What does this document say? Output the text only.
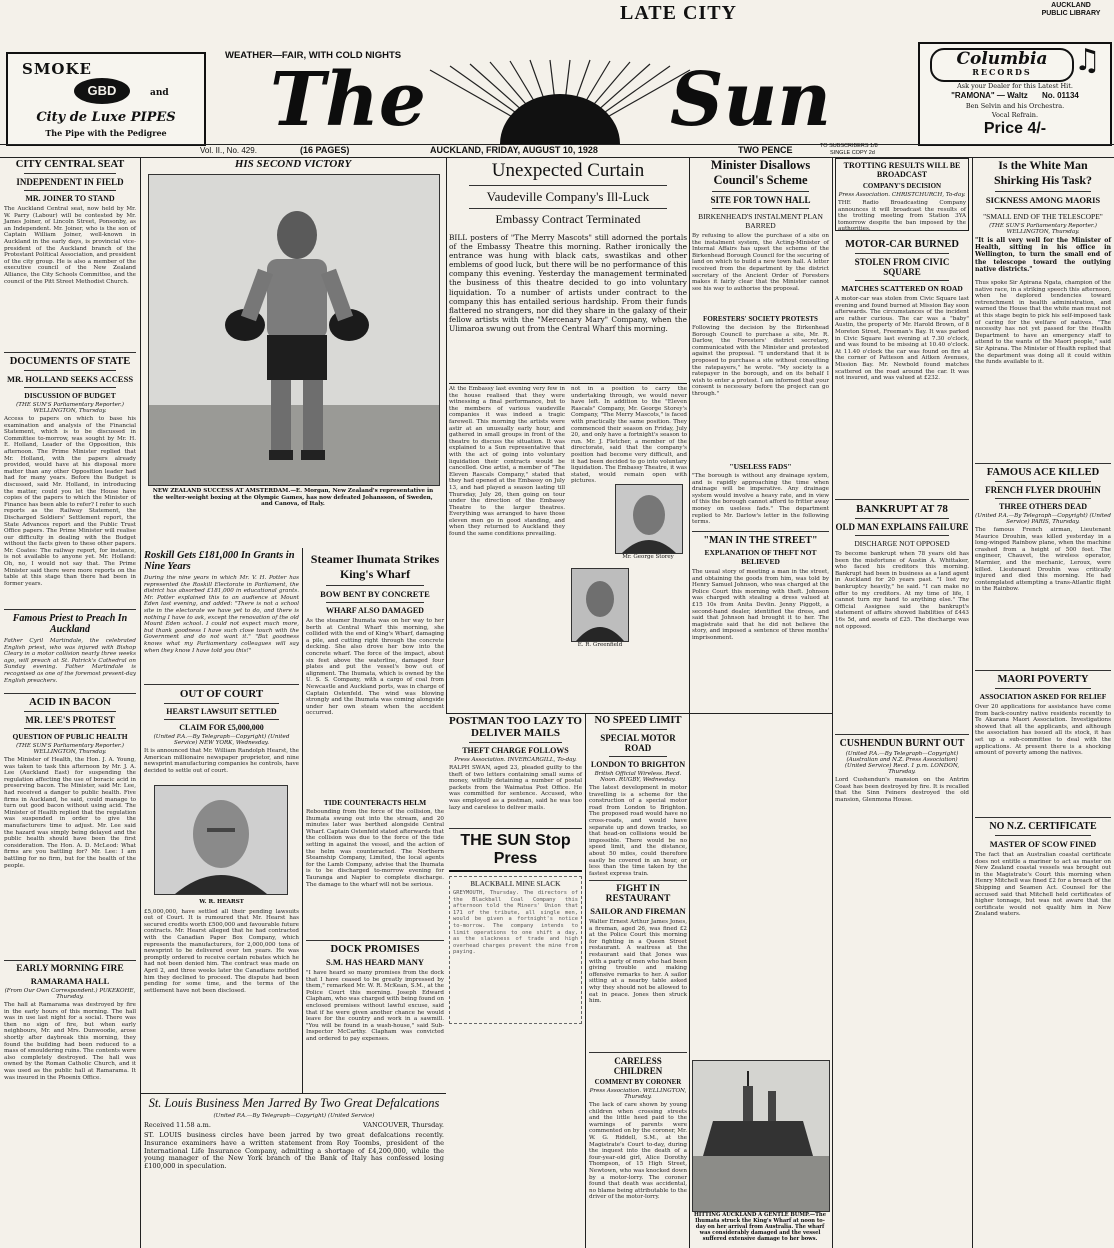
AUCKLAND
PUBLIC LIBRARY
LATE CITY
WEATHER—FAIR, WITH COLD NIGHTS
SMOKE
GBD	and
City de Luxe PIPES
The Pipe with the Pedigree
Columbia
RECORDS	♫
Ask your Dealer for this Latest Hit.
"RAMONA" — Waltz No. 01134
Ben Selvin and his Orchestra.
Vocal Refrain.
Price 4/-
The	Sun
Vol. II., No. 429.	(16 PAGES)	AUCKLAND, FRIDAY, AUGUST 10, 1928	TWO PENCE	TO SUBSCRIBERS 1/8
SINGLE COPY 2d
CITY CENTRAL SEAT
INDEPENDENT IN FIELD
MR. JOINER TO STAND
The Auckland Central seat, now held by Mr. W. Parry (Labour) will be contested by Mr. James Joiner, of Lincoln Street, Ponsonby, as an Independent. Mr. Joiner, who is the son of Captain William Joiner, well-known in Auckland in the early days, is provincial vice-president of the Auckland branch of the Protestant Political Association, and president of the city group. He is also a member of the executive council of the New Zealand Alliance, the City Schools Committee, and the council of the Pitt Street Methodist Church.
DOCUMENTS OF STATE
MR. HOLLAND SEEKS ACCESS
DISCUSSION OF BUDGET
(THE SUN'S Parliamentary Reporter.) WELLINGTON, Thursday.
Access to papers on which to base his examination and analysis of the Financial Statement, which is to be discussed in Committee to-morrow, was sought by Mr. H. E. Holland, Leader of the Opposition, this afternoon. The Prime Minister replied that Mr. Holland, with the papers already provided, would have at his disposal more matter than any other Opposition leader had had for many years. Before the Budget is discussed, said Mr. Holland, in introducing the matter, could you let the House have copies of the papers to which the Minister of Finance has been able to refer? I refer to such reports as the Railway Statement, the Discharged Soldiers' Settlement report, the State Advances report and the Public Trust Office papers. The Prime Minister will realise our difficulty in dealing with the Budget without the facts given to these other papers. Mr. Coates: The railway report, for instance, is not available to anyone yet. Mr. Holland: Oh, no, I would not say that. The Prime Minister said there were more reports on the table at this stage than there had been in former years.
Famous Priest to Preach In Auckland
Father Cyril Martindale, the celebrated English priest, who was injured with Bishop Cleary in a motor collision nearly three weeks ago, will preach at St. Patrick's Cathedral on Sunday evening. Father Martindale is recognised as one of the foremost present-day English preachers.
ACID IN BACON
MR. LEE'S PROTEST
QUESTION OF PUBLIC HEALTH
(THE SUN'S Parliamentary Reporter.) WELLINGTON, Thursday.
The Minister of Health, the Hon. J. A. Young, was taken to task this afternoon by Mr. J. A. Lee (Auckland East) for suspending the regulation affecting the use of boracic acid in preserving bacon. The Minister, said Mr. Lee, had received a danger to public health. Five firms in Auckland, he said, could manage to turn out good bacon without using acid. The Minister of Health replied that the regulation was suspended in order to give the manufacturers time to adjust. Mr. Lee said the hazard was simply being delayed and the public health should have been the first consideration. The Hon. A. D. McLeod: What firms are you battling for? Mr. Lee: I am battling for no firm, but for the health of the people.
EARLY MORNING FIRE
RAMARAMA HALL
(From Our Own Correspondent.) PUKEKOHE, Thursday.
The hall at Ramarama was destroyed by fire in the early hours of this morning. The hall was in use last night for a social. There was then no sign of fire, but when early neighbours, Mr. and Mrs. Dunwoodie, arose shortly after daybreak this morning, they found the building had been reduced to a mass of smouldering ruins. The contents were also completely destroyed. The hall was owned by the Roman Catholic Church, and it was used as the public hall at Ramarama. It was insured in the Phoenix Office.
HIS SECOND VICTORY
NEW ZEALAND SUCCESS AT AMSTERDAM.—E. Morgan, New Zealand's representative in the welter-weight boxing at the Olympic Games, has now defeated Johansson, of Sweden, and Canova, of Italy.
Roskill Gets £181,000 In Grants in Nine Years
During the nine years in which Mr. V. H. Potter has represented the Roskill Electorate in Parliament, the district has absorbed £181,000 in educational grants. Mr. Potter explained this to an audience at Mount Eden last evening, and added: "There is not a school site in the electorate we have yet to do, and there is nothing I have to ask, except the renovation of the old Mount Eden school. I could not expect much more, but thank goodness I have such close touch with the Government and do not want it." "But goodness knows what my Parliamentary colleagues will say when they know I have told you this!"
OUT OF COURT
HEARST LAWSUIT SETTLED
CLAIM FOR £5,000,000
(United P.A.—By Telegraph—Copyright) (United Service) NEW YORK, Wednesday.
It is announced that Mr. William Randolph Hearst, the American millionaire newspaper proprietor, and nine newsprint manufacturing companies he controls, have decided to settle out of court.
W. R. HEARST
£5,000,000, have settled all their pending lawsuits out of Court. It is rumoured that Mr. Hearst has secured credits worth £500,000 and favourable future contracts. Mr. Hearst alleged that he had contracted with the Canadian Paper Box Company, which represents the manufacturers, for 2,000,000 tons of newsprint to be delivered over ten years. He was promptly ordered to receive certain rebates which he had not been denied him. The contract was made on April 2, and three weeks later the Canadians notified him they declined to proceed. The dispute had been pending for some time, and the terms of the settlement have not been disclosed.
Steamer Ihumata Strikes King's Wharf
BOW BENT BY CONCRETE
WHARF ALSO DAMAGED
As the steamer Ihumata was on her way to her berth at Central Wharf this morning, she collided with the end of King's Wharf, damaging a pile, and cutting right through the concrete decking. She also drove her bow into the concrete wharf. The force of the impact, about six feet above the waterline, damaged four plates and put the vessel's bow out of alignment. The Ihumata, which is owned by the U. S. S. Company, with a cargo of coal from Newcastle and Auckland ports, was in charge of Captain Ostenfeld. The wind was blowing strongly and the Ihumata was coming alongside under her own steam when the accident occurred.
TIDE COUNTERACTS HELM
Rebounding from the force of the collision, the Ihumata swung out into the stream, and 20 minutes later was berthed alongside Central Wharf. Captain Ostenfeld stated afterwards that the collision was due to the force of the tide setting in against the vessel, and the action of the helm was counteracted. The Northern Steamship Company, Limited, the local agents for the Lamb Company, advise that the Ihumata is to be discharged to-morrow evening for Tauranga and Napier to complete discharge. The damage to the wharf will not be serious.
DOCK PROMISES
S.M. HAS HEARD MANY
"I have heard so many promises from the dock that I have ceased to be greatly impressed by them," remarked Mr. W. R. McKean, S.M., at the Police Court this morning. Joseph Edward Clapham, who was charged with being found on enclosed premises without lawful excuse, said that if he were given another chance he would leave for the country and work in a sawmill. "You will be found in a wash-house," said Sub-Inspector McCarthy. Clapham was convicted and ordered to pay expenses.
Unexpected Curtain
Vaudeville Company's Ill-Luck
Embassy Contract Terminated
BILL posters of "The Merry Mascots" still adorned the portals of the Embassy Theatre this morning. Rather ironically the entrance was hung with black cats, swastikas and other emblems of good luck, but there will be no performance of this company this evening. Yesterday the management terminated the business of this theatre decided to go into voluntary liquidation. To a number of artists under contract to the company this has entailed serious hardship. From their funds flattered no strangers, nor did they share in the galaxy of their fellow artists with the "Mercenary Mary" Company, when the Ulimaroa swung out from the Central Wharf this morning.
At the Embassy last evening very few in the house realised that they were witnessing a final performance, but to the members of various vaudeville companies it was indeed a tragic farewell. This morning the artists were astir at an unusually early hour, and gathered in small groups in front of the theatre to discuss the situation. It was explained to a Sun representative that with the act of going into voluntary liquidation their contracts would be cancelled. One artist, a member of "The Eleven Rascals Company," stated that they had opened at the Embassy on July 13, and had played a season lasting till Thursday, July 26, then going on tour under the direction of the Embassy Theatre to the larger theatres. Everything was arranged to have those eleven men go in good standing, and when they returned to Auckland they found the same conditions prevailing.
not in a position to carry the undertaking through, we would never have left. In addition to the "Eleven Rascals" Company, Mr. George Storey's Company, "The Merry Mascots," is faced with practically the same position. They commenced their season on Friday, July 20, and only have a fortnight's season to run. Mr. J. Fletcher, a member of the directorate, said that the company's position had become very difficult, and it had been decided to go into voluntary liquidation. The Embassy Theatre, it was stated, would remain open with pictures.
Mr. George Storey
E. R. Greenfield
POSTMAN TOO LAZY TO DELIVER MAILS
THEFT CHARGE FOLLOWS
Press Association. INVERCARGILL, To-day.
RALPH SWAN, aged 23, pleaded guilty to the theft of two letters containing small sums of money, wilfully detaining a number of postal packets from the Waimatua Post Office. He was committed for sentence. Accused, who was employed as a postman, said he was too lazy and careless to deliver mails.
THE SUN Stop Press
BLACKBALL MINE SLACK
GREYMOUTH, Thursday. The directors of the Blackball Coal Company this afternoon told the Miners' Union that 171 of the tribute, all single men, would be given a fortnight's notice to-morrow. The company intends to limit operations to one shift a day, as the slackness of trade and high overhead charges prevent the mine from paying.
Minister Disallows Council's Scheme
SITE FOR TOWN HALL
BIRKENHEAD'S INSTALMENT PLAN BARRED
By refusing to allow the purchase of a site on the instalment system, the Acting-Minister of Internal Affairs has upset the scheme of the Birkenhead Borough Council for the securing of land on which to build a new town hall. A letter received from the department by the district secretary of the Ancient Order of Foresters makes it fairly clear that the Minister cannot see his way to authorise the proposal.
FORESTERS' SOCIETY PROTESTS
Following the decision by the Birkenhead Borough Council to purchase a site, Mr. R. Darlow, the Foresters' district secretary, communicated with the Minister and protested against the proposal. "I understand that it is proposed to purchase a site without consulting the ratepayers," he wrote. "My society is a ratepayer in the borough, and on its behalf I wish to enter a protest. I am informed that your consent is necessary before the project can go through."
"USELESS FADS"
"The borough is without any drainage system, and is rapidly approaching the time when drainage will be imperative. Any drainage system would involve a heavy rate, and in view of this the borough cannot afford to fritter away money on useless fads." The department replied to Mr. Darlow's letter in the following terms.
"MAN IN THE STREET"
EXPLANATION OF THEFT NOT BELIEVED
The usual story of meeting a man in the street, and obtaining the goods from him, was told by Henry Samuel Johnson, who was charged at the Police Court this morning with theft. Johnson was charged with stealing a dress valued at £15 10s from Anita Devlin. Jenny Piggott, a second-hand dealer, identified the dress, and said that Johnson had brought it to her. The magistrate said that he did not believe the story, and imposed a sentence of three months' imprisonment.
NO SPEED LIMIT
SPECIAL MOTOR ROAD
LONDON TO BRIGHTON
British Official Wireless. Recd. Noon. RUGBY, Wednesday.
The latest development in motor travelling is a scheme for the construction of a special motor road from London to Brighton. The proposed road would have no cross-roads, and would have separate up and down tracks, so that head-on collisions would be impossible. There would be no speed limit, and the distance, about 50 miles, could therefore easily be covered in an hour, or less than the time taken by the fastest express train.
FIGHT IN RESTAURANT
SAILOR AND FIREMAN
Walter Ernest Arthur James Jones, a fireman, aged 26, was fined £2 at the Police Court this morning for fighting in a Queen Street restaurant. A waitress at the restaurant said that Jones was with a party of men who had been giving trouble and making offensive remarks to her. A sailor sitting at a nearby table asked why they should not be allowed to eat in peace. Jones then struck him.
CARELESS CHILDREN
COMMENT BY CORONER
Press Association. WELLINGTON, Thursday.
The lack of care shown by young children when crossing streets and the little heed paid to the warnings of parents were commented on by the coroner, Mr. W. G. Riddell, S.M., at the Magistrate's Court to-day, during the inquest into the death of a four-year-old girl, Alice Dorothy Thompson, of 15 High Street, Newtown, who was knocked down by a motor-lorry. The coroner found that death was accidental, no blame being attributable to the driver of the motor-lorry.
TROTTING RESULTS WILL BE BROADCAST
COMPANY'S DECISION
Press Association. CHRISTCHURCH, To-day.
THE Radio Broadcasting Company announces it will broadcast the results of the trotting meeting from Station 3YA tomorrow despite the ban imposed by the authorities.
MOTOR-CAR BURNED
STOLEN FROM CIVIC SQUARE
MATCHES SCATTERED ON ROAD
A motor-car was stolen from Civic Square last evening and found burned at Mission Bay soon afterwards. The circumstances of the incident are rather curious. The car was a "baby" Austin, the property of Mr. Harold Brown, of 8 Moreton Street, Freeman's Bay. It was parked in Civic Square last evening at 7.30 o'clock, and was found to be missing at 10.40 o'clock. At 11.40 o'clock the car was found on fire at the corner of Patteson and Aitken Avenues, Mission Bay. Mr. Newbold found matches scattered on the road around the car. It was not insured, and was valued at £232.
BANKRUPT AT 78
OLD MAN EXPLAINS FAILURE
DISCHARGE NOT OPPOSED
To become bankrupt when 78 years old has been the misfortune of Austin A. Whittaker, who faced his creditors this morning. Bankrupt had been in business as a land agent in Auckland for 20 years past. "I lost my bankruptcy heavily," he said. "I can make no offer to my creditors. At my time of life, I cannot turn my hand to anything else." The Official Assignee said the bankrupt's statement of affairs showed liabilities of £443 16s 5d, and assets of £25. The discharge was not opposed.
CUSHENDUN BURNT OUT
(United P.A.—By Telegraph—Copyright) (Australian and N.Z. Press Association) (United Service) Recd. 1 p.m. LONDON, Thursday.
Lord Cushendun's mansion on the Antrim Coast has been destroyed by fire. It is recalled that the Sinn Feiners destroyed the old mansion, Glenmona House.
Is the White Man Shirking His Task?
SICKNESS AMONG MAORIS
"SMALL END OF THE TELESCOPE"
(THE SUN'S Parliamentary Reporter.) WELLINGTON, Thursday.
"It is all very well for the Minister of Health, sitting in his office in Wellington, to turn the small end of the telescope toward the outlying native districts."
Thus spoke Sir Apirana Ngata, champion of the native race, in a striking speech this afternoon, when he deplored tendencies toward retrenchment in health administration, and warned the House that the white man must not at this stage begin to pick his self-imposed task of caring for the welfare of natives. "The necessity has not yet passed for the Health Department to have an emergency staff to attend to the wants of the Maori people," said Sir Apirana. The Minister of Health replied that the department was doing all it could within the funds available to it.
FAMOUS ACE KILLED
FRENCH FLYER DROUHIN
THREE OTHERS DEAD
(United P.A.—By Telegraph—Copyright) (United Service) PARIS, Thursday.
The famous French airman, Lieutenant Maurice Drouhin, was killed yesterday in a long-winged Rainbow plane, when the machine crashed from a height of 500 feet. The engineer, Chauvet, the wireless operator, Marmier, and the mechanic, Leroux, were killed. Lieutenant Drouhin was critically injured and died this morning. He had contemplated attempting a trans-Atlantic flight in the Rainbow.
MAORI POVERTY
ASSOCIATION ASKED FOR RELIEF
Over 20 applications for assistance have come from back-country native residents recently to Te Akarana Maori Association. Investigations showed that all the applicants, and although the association has issued all its stock, it has set up a sub-committee to deal with the applications. At present there is a shocking amount of poverty among the natives.
NO N.Z. CERTIFICATE
MASTER OF SCOW FINED
The fact that an Australian coastal certificate does not entitle a mariner to act as master on New Zealand coastal vessels was brought out in the Magistrate's Court this morning when Henry Mitchell was fined £2 for a breach of the Shipping and Seamen Act. Counsel for the accused said that Mitchell held certificates of higher tonnage, but was not aware that the certificate would not qualify him in New Zealand waters.
HITTING AUCKLAND A GENTLE BUMP.—The Ihumata struck the King's Wharf at noon to-day on her arrival from Australia. The wharf was considerably damaged and the vessel suffered extensive damage to her bows.
St. Louis Business Men Jarred By Two Great Defalcations
(United P.A.—By Telegraph—Copyright) (United Service)
Received 11.58 a.m.	VANCOUVER, Thursday.
ST. LOUIS business circles have been jarred by two great defalcations recently. Insurance examiners have a written statement from Roy Toombs, president of the International Life Insurance Company, admitting a shortage of £4,200,000, while the young manager of the New York branch of the Bank of Italy has confessed losing £100,000 in speculation.
